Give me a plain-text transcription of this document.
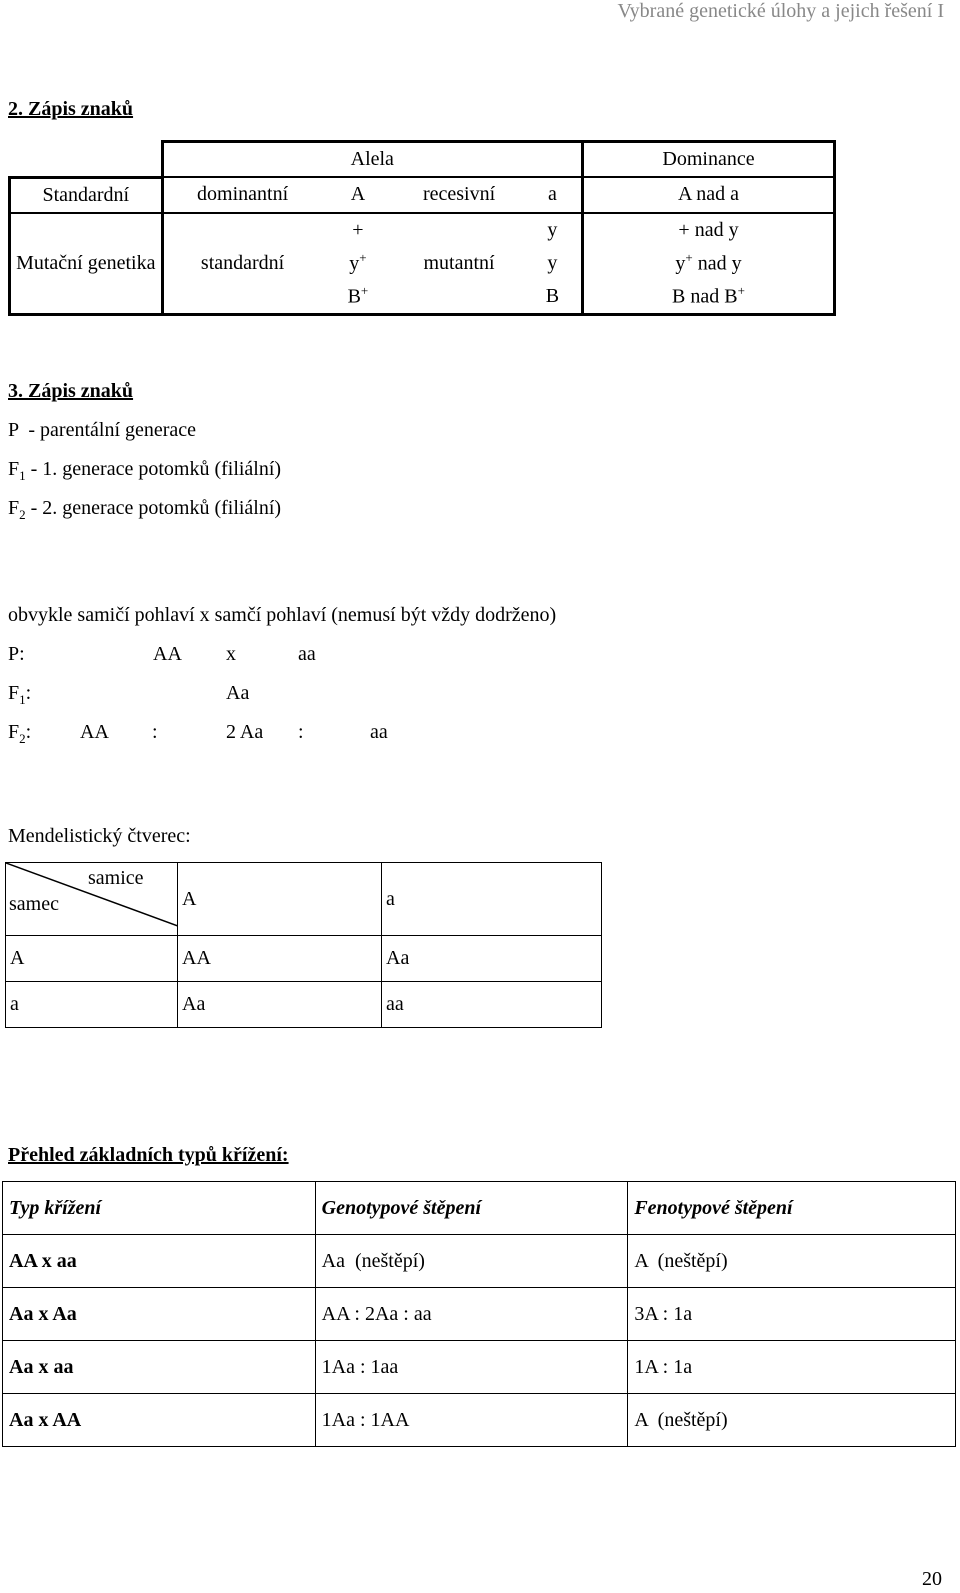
Vybrané genetické úlohy a jejich řešení I
2. Zápis znaků
	Alela				Dominance
Standardní	dominantní	A	recesivní	a	A nad a
Mutační genetika	standardní	+	mutantní	y	+ nad y
		y+		y	y+ nad y
		B+		B	B nad B+
3. Zápis znaků
P  - parentální generace
$F_1 - 1$. generace potomků (filiální)
$F_2 - 2$. generace potomků (filiální)
obvykle samičí pohlaví x samčí pohlaví (nemusí být vždy dodrženo)
P:	AA x	aa
$F_1$:	Aa
$F_2$: AA :	2 Aa :	aa
Mendelistický čtverec:
samice
samec	A	a
A	AA	Aa
a	Aa	aa
Přehled základních typů křížení:
Typ křížení	Genotypové štěpení	Fenotypové štěpení
AA x aa	Aa  (neštěpí)	A  (neštěpí)
Aa x Aa	AA : 2Aa : aa	3A : 1a
Aa x aa	1Aa : 1aa	1A : 1a
Aa x AA	1Aa : 1AA	A  (neštěpí)
20
